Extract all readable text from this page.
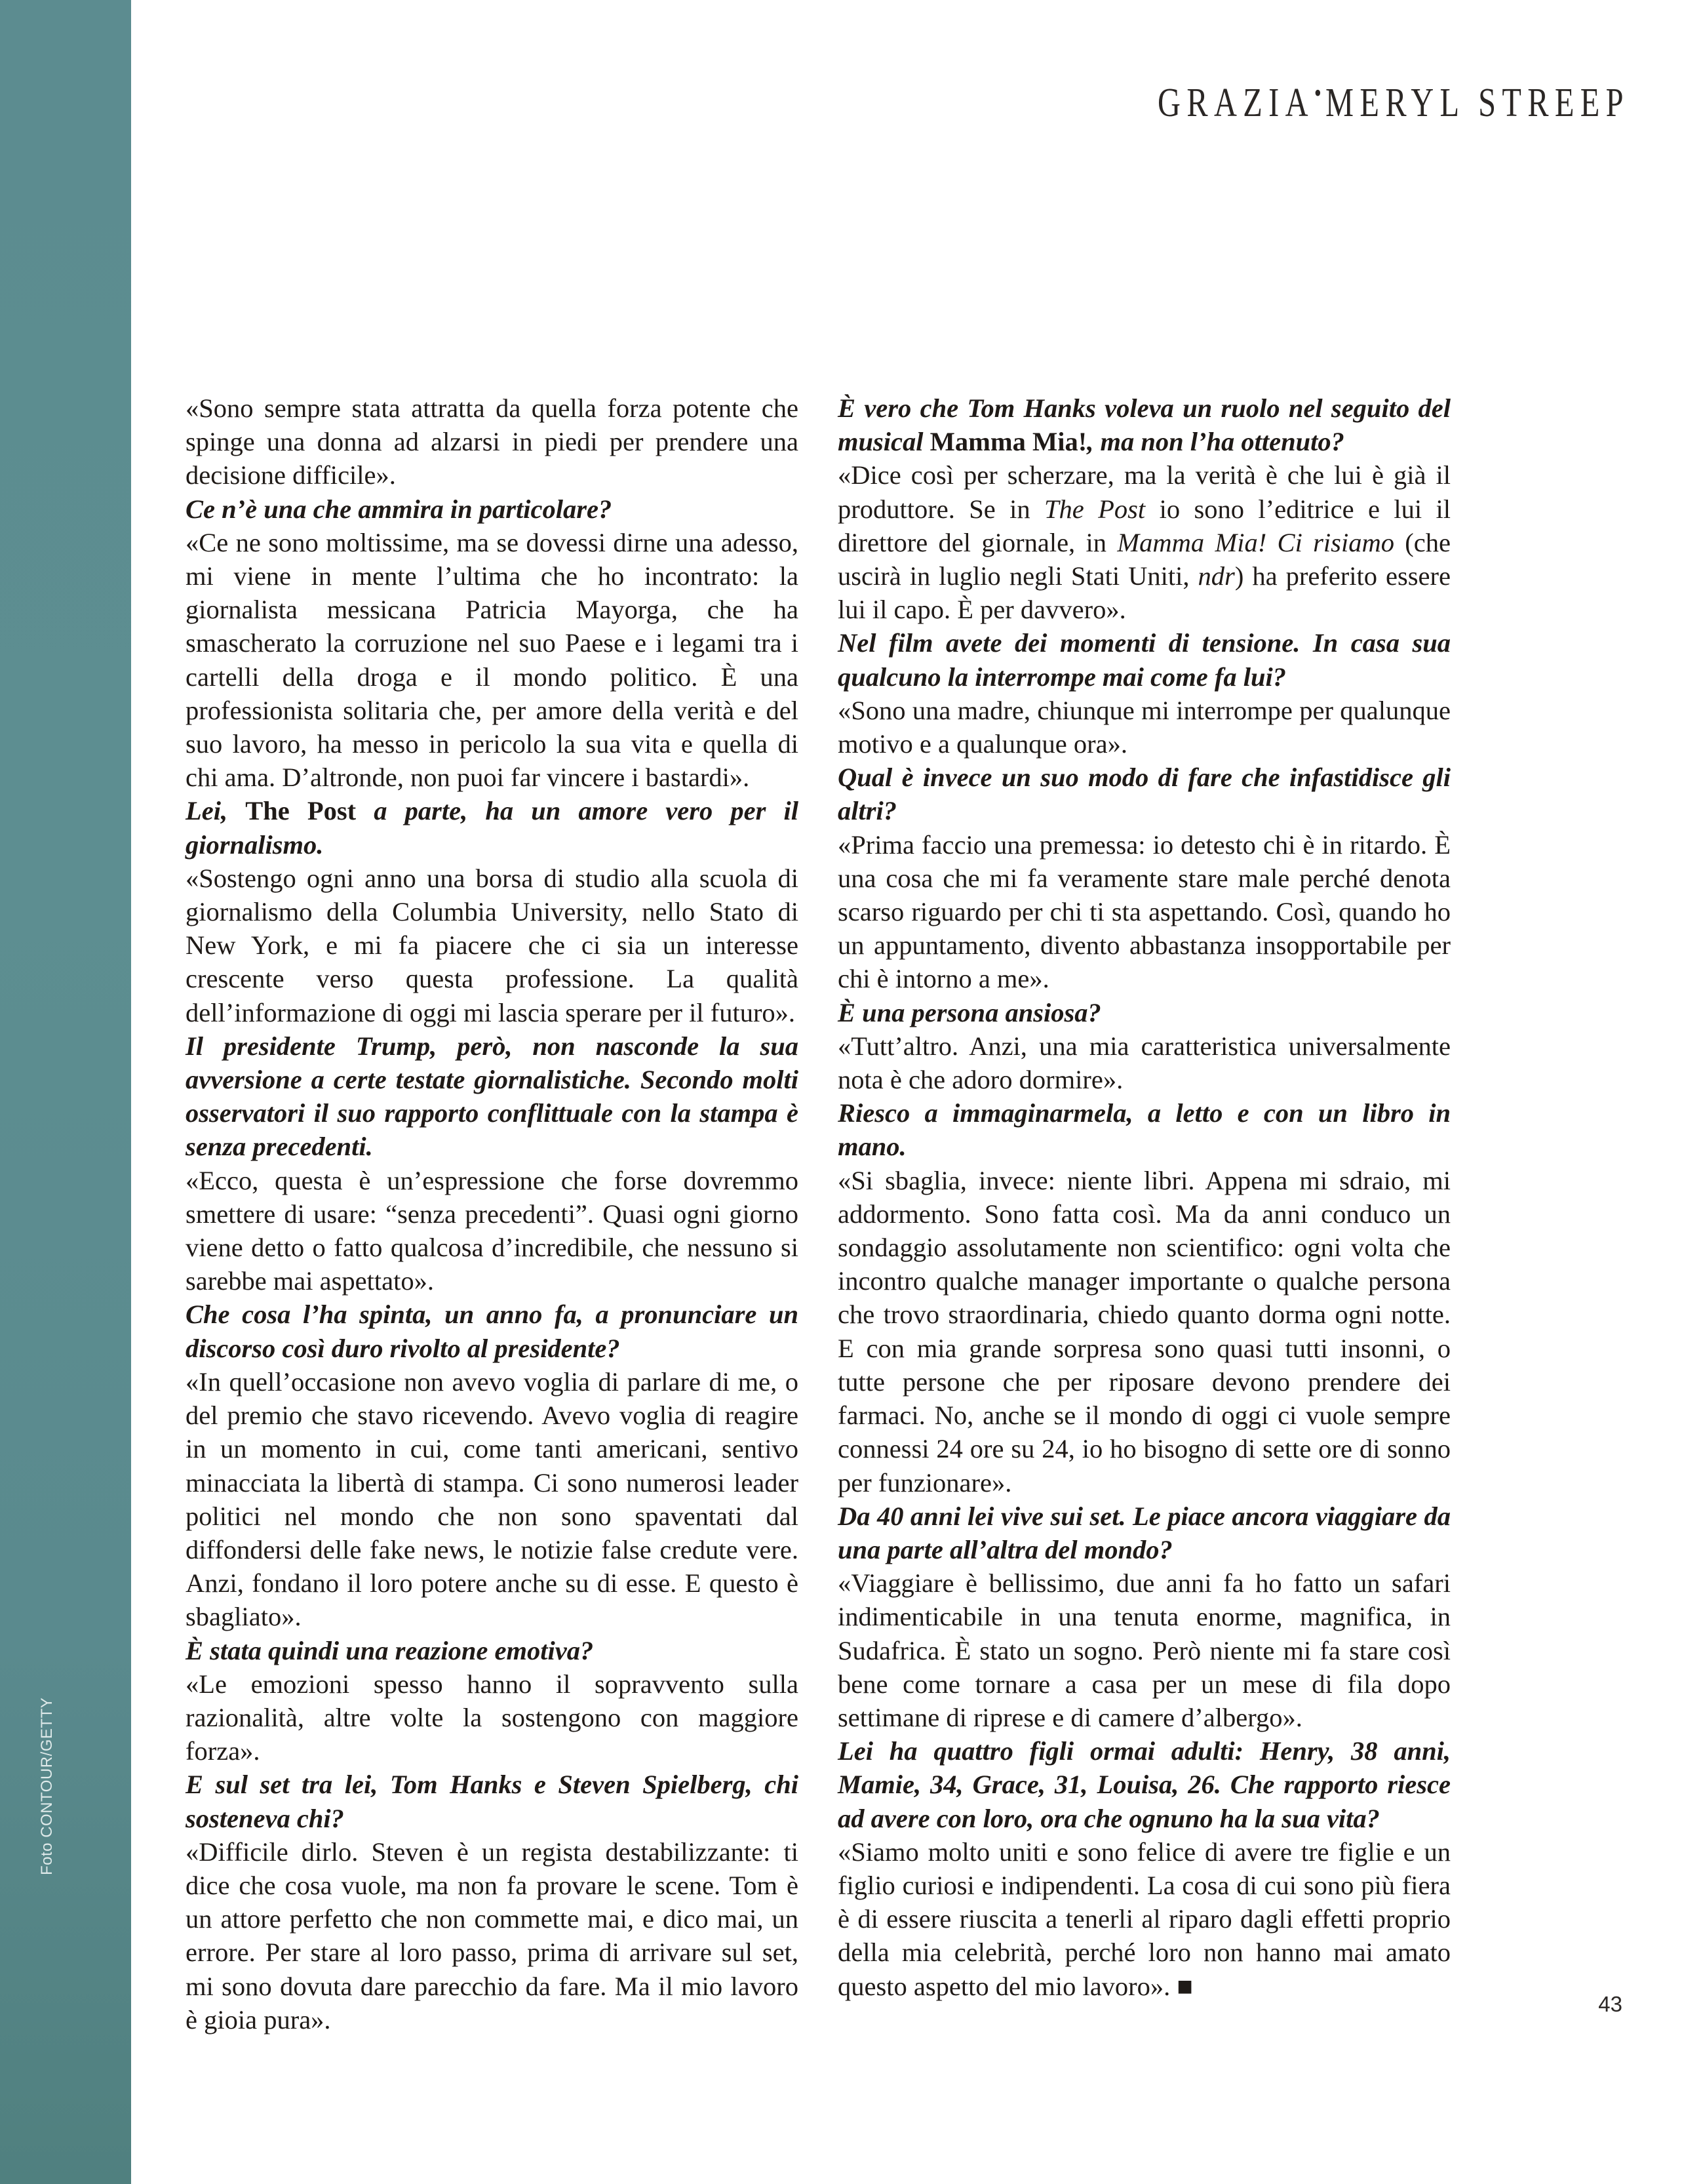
Foto CONTOUR/GETTY
GRAZIA•MERYL STREEP

«Sono sempre stata attratta da quella forza potente che spinge una donna ad alzarsi in piedi per prendere una decisione difficile».

Ce n’è una che ammira in particolare?

«Ce ne sono moltissime, ma se dovessi dirne una adesso, mi viene in mente l’ultima che ho incontrato: la giornalista messicana Patricia Mayorga, che ha smascherato la corruzione nel suo Paese e i legami tra i cartelli della droga e il mondo politico. È una professionista solitaria che, per amore della verità e del suo lavoro, ha messo in pericolo la sua vita e quella di chi ama. D’altronde, non puoi far vincere i bastardi».

Lei, The Post a parte, ha un amore vero per il giornalismo.

«Sostengo ogni anno una borsa di studio alla scuola di giornalismo della Columbia University, nello Stato di New York, e mi fa piacere che ci sia un interesse crescente verso questa professione. La qualità dell’informazione di oggi mi lascia sperare per il futuro».

Il presidente Trump, però, non nasconde la sua avversione a certe testate giornalistiche. Secondo molti osservatori il suo rapporto conflittuale con la stampa è senza precedenti.

«Ecco, questa è un’espressione che forse dovremmo smettere di usare: “senza precedenti”. Quasi ogni giorno viene detto o fatto qualcosa d’incredibile, che nessuno si sarebbe mai aspettato».

Che cosa l’ha spinta, un anno fa, a pronunciare un discorso così duro rivolto al presidente?

«In quell’occasione non avevo voglia di parlare di me, o del premio che stavo ricevendo. Avevo voglia di reagire in un momento in cui, come tanti americani, sentivo minacciata la libertà di stampa. Ci sono numerosi leader politici nel mondo che non sono spaventati dal diffondersi delle fake news, le notizie false credute vere. Anzi, fondano il loro potere anche su di esse. E questo è sbagliato».

È stata quindi una reazione emotiva?

«Le emozioni spesso hanno il sopravvento sulla razionalità, altre volte la sostengono con maggiore forza».

E sul set tra lei, Tom Hanks e Steven Spielberg, chi sosteneva chi?

«Difficile dirlo. Steven è un regista destabilizzante: ti dice che cosa vuole, ma non fa provare le scene. Tom è un attore perfetto che non commette mai, e dico mai, un errore. Per stare al loro passo, prima di arrivare sul set, mi sono dovuta dare parecchio da fare. Ma il mio lavoro è gioia pura».

È vero che Tom Hanks voleva un ruolo nel seguito del musical Mamma Mia!, ma non l’ha ottenuto?

«Dice così per scherzare, ma la verità è che lui è già il produttore. Se in The Post io sono l’editrice e lui il direttore del giornale, in Mamma Mia! Ci risiamo (che uscirà in luglio negli Stati Uniti, ndr) ha preferito essere lui il capo. È per davvero».

Nel film avete dei momenti di tensione. In casa sua qualcuno la interrompe mai come fa lui?

«Sono una madre, chiunque mi interrompe per qualunque motivo e a qualunque ora».

Qual è invece un suo modo di fare che infastidisce gli altri?

«Prima faccio una premessa: io detesto chi è in ritardo. È una cosa che mi fa veramente stare male perché denota scarso riguardo per chi ti sta aspettando. Così, quando ho un appuntamento, divento abbastanza insopportabile per chi è intorno a me».

È una persona ansiosa?

«Tutt’altro. Anzi, una mia caratteristica universalmente nota è che adoro dormire».

Riesco a immaginarmela, a letto e con un libro in mano.

«Si sbaglia, invece: niente libri. Appena mi sdraio, mi addormento. Sono fatta così. Ma da anni conduco un sondaggio assolutamente non scientifico: ogni volta che incontro qualche manager importante o qualche persona che trovo straordinaria, chiedo quanto dorma ogni notte. E con mia grande sorpresa sono quasi tutti insonni, o tutte persone che per riposare devono prendere dei farmaci. No, anche se il mondo di oggi ci vuole sempre connessi 24 ore su 24, io ho bisogno di sette ore di sonno per funzionare».

Da 40 anni lei vive sui set. Le piace ancora viaggiare da una parte all’altra del mondo?

«Viaggiare è bellissimo, due anni fa ho fatto un safari indimenticabile in una tenuta enorme, magnifica, in Sudafrica. È stato un sogno. Però niente mi fa stare così bene come tornare a casa per un mese di fila dopo settimane di riprese e di camere d’albergo».

Lei ha quattro figli ormai adulti: Henry, 38 anni, Mamie, 34, Grace, 31, Louisa, 26. Che rapporto riesce ad avere con loro, ora che ognuno ha la sua vita?

«Siamo molto uniti e sono felice di avere tre figlie e un figlio curiosi e indipendenti. La cosa di cui sono più fiera è di essere riuscita a tenerli al riparo dagli effetti proprio della mia celebrità, perché loro non hanno mai amato questo aspetto del mio lavoro». ■

43
